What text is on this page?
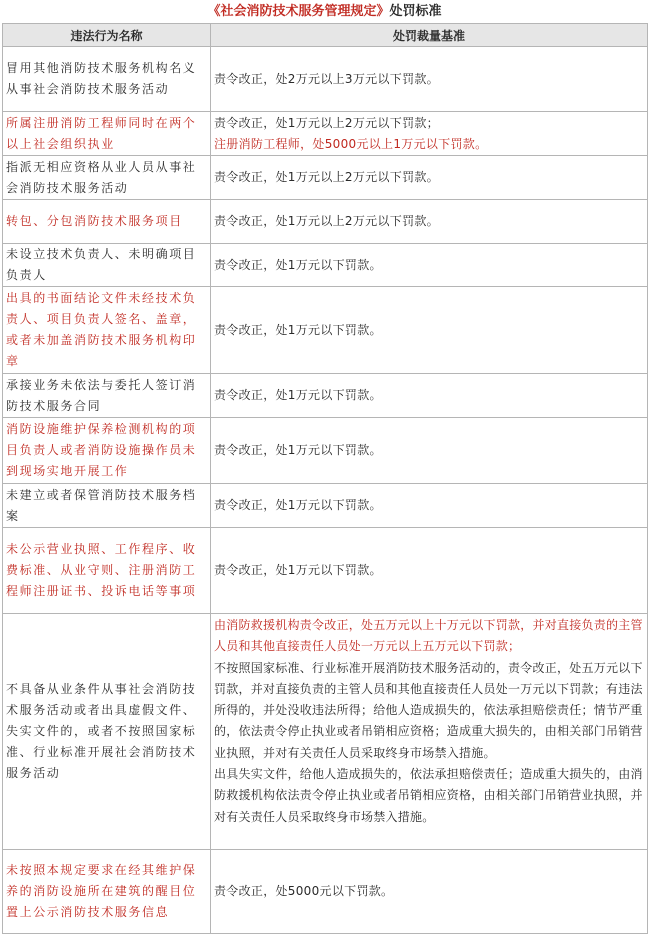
《社会消防技术服务管理规定》处罚标准
违法行为名称	处罚裁量基准
冒用其他消防技术服务机构名义从事社会消防技术服务活动	责令改正，处2万元以上3万元以下罚款。

所属注册消防工程师同时在两个以上社会组织执业	责令改正，处1万元以上2万元以下罚款；
注册消防工程师，处5000元以上1万元以下罚款。

指派无相应资格从业人员从事社会消防技术服务活动	责令改正，处1万元以上2万元以下罚款。

转包、分包消防技术服务项目	责令改正，处1万元以上2万元以下罚款。

未设立技术负责人、未明确项目负责人	责令改正，处1万元以下罚款。

出具的书面结论文件未经技术负责人、项目负责人签名、盖章，或者未加盖消防技术服务机构印章	责令改正，处1万元以下罚款。

承接业务未依法与委托人签订消防技术服务合同	责令改正，处1万元以下罚款。

消防设施维护保养检测机构的项目负责人或者消防设施操作员未到现场实地开展工作	责令改正，处1万元以下罚款。

未建立或者保管消防技术服务档案	责令改正，处1万元以下罚款。

未公示营业执照、工作程序、收费标准、从业守则、注册消防工程师注册证书、投诉电话等事项	责令改正，处1万元以下罚款。

不具备从业条件从事社会消防技术服务活动或者出具虚假文件、失实文件的，或者不按照国家标准、行业标准开展社会消防技术服务活动	由消防救援机构责令改正，处五万元以上十万元以下罚款，并对直接负责的主管人员和其他直接责任人员处一万元以上五万元以下罚款；
不按照国家标准、行业标准开展消防技术服务活动的，责令改正，处五万元以下罚款，并对直接负责的主管人员和其他直接责任人员处一万元以下罚款；有违法所得的，并处没收违法所得；给他人造成损失的，依法承担赔偿责任；情节严重的，依法责令停止执业或者吊销相应资格；造成重大损失的，由相关部门吊销营业执照，并对有关责任人员采取终身市场禁入措施。
出具失实文件，给他人造成损失的，依法承担赔偿责任；造成重大损失的，由消防救援机构依法责令停止执业或者吊销相应资格，由相关部门吊销营业执照，并对有关责任人员采取终身市场禁入措施。

未按照本规定要求在经其维护保养的消防设施所在建筑的醒目位置上公示消防技术服务信息	责令改正，处5000元以下罚款。
